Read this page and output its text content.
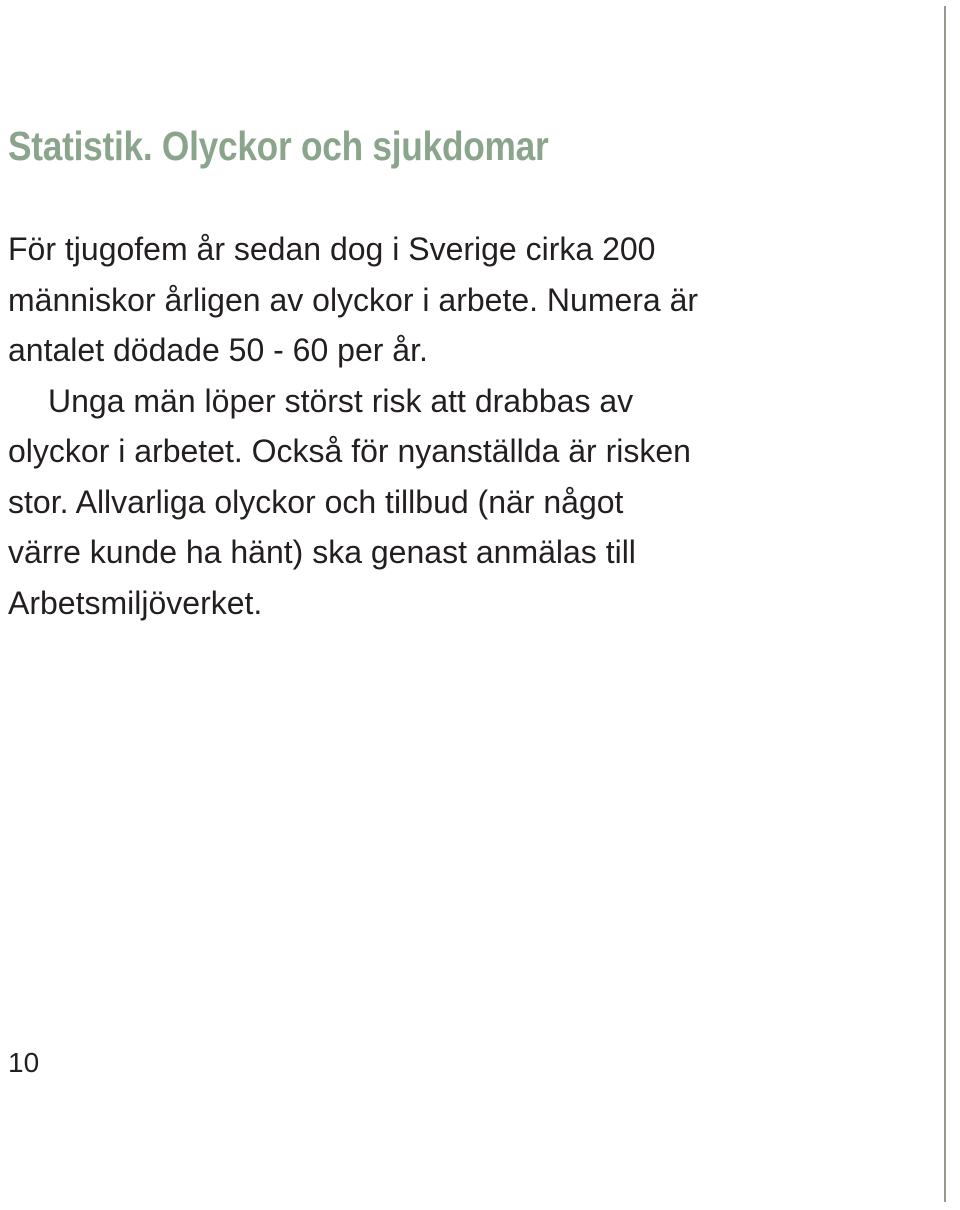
Statistik. Olyckor och sjukdomar

För tjugofem år sedan dog i Sverige cirka 200
människor årligen av olyckor i arbete. Numera är
antalet dödade 50 - 60 per år.

Unga män löper störst risk att drabbas av
olyckor i arbetet. Också för nyanställda är risken
stor. Allvarliga olyckor och tillbud (när något
värre kunde ha hänt) ska genast anmälas till
Arbetsmiljöverket.

10
